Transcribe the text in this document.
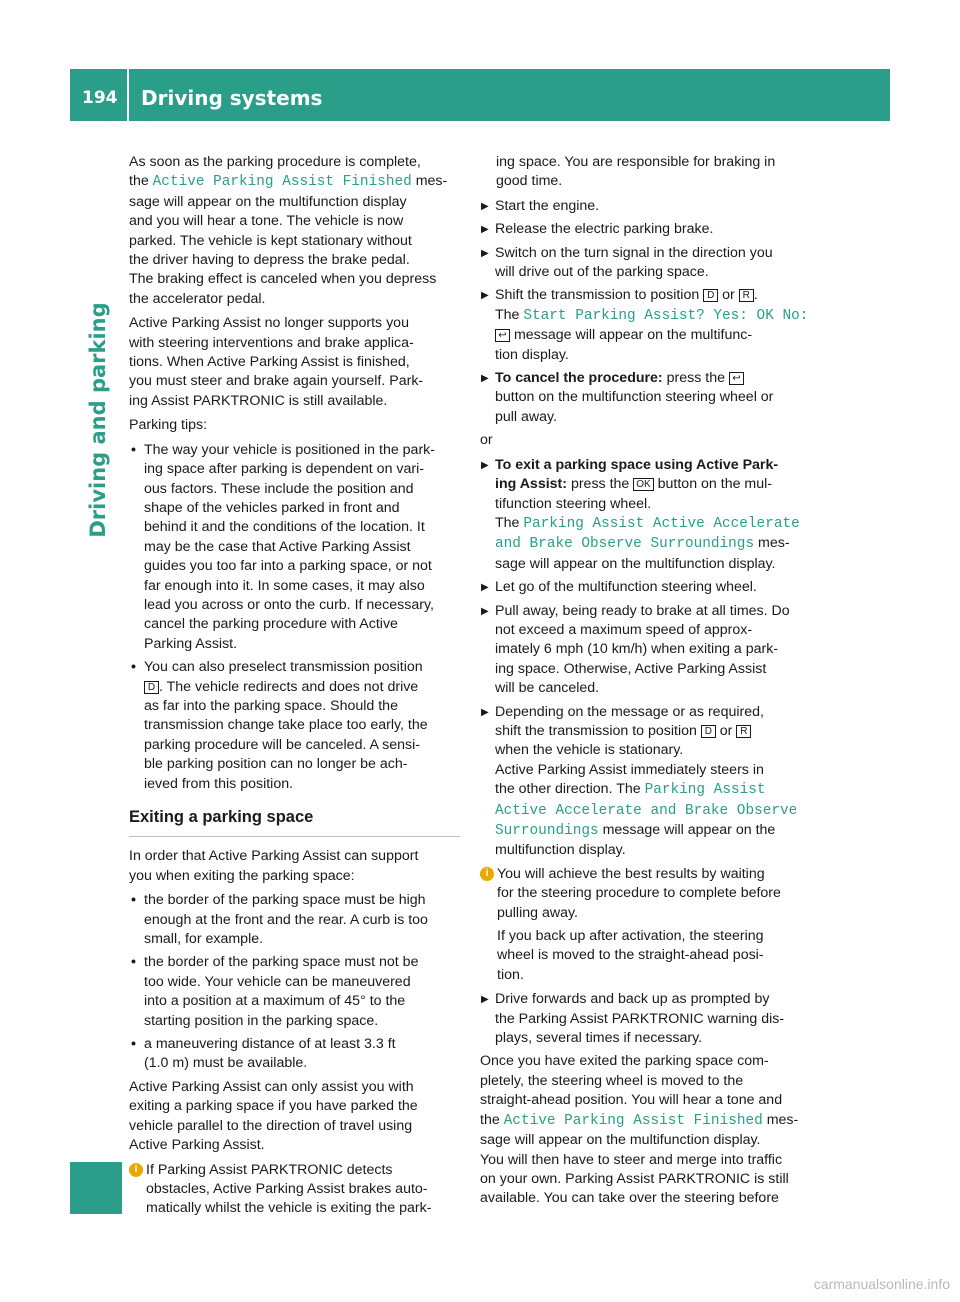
194 Driving systems
Driving and parking

As soon as the parking procedure is complete,
the Active Parking Assist Finished mes-
sage will appear on the multifunction display
and you will hear a tone. The vehicle is now
parked. The vehicle is kept stationary without
the driver having to depress the brake pedal.
The braking effect is canceled when you depress
the accelerator pedal.

Active Parking Assist no longer supports you
with steering interventions and brake applica-
tions. When Active Parking Assist is finished,
you must steer and brake again yourself. Park-
ing Assist PARKTRONIC is still available.

Parking tips:

• The way your vehicle is positioned in the park-
ing space after parking is dependent on vari-
ous factors. These include the position and
shape of the vehicles parked in front and
behind it and the conditions of the location. It
may be the case that Active Parking Assist
guides you too far into a parking space, or not
far enough into it. In some cases, it may also
lead you across or onto the curb. If necessary,
cancel the parking procedure with Active
Parking Assist.
• You can also preselect transmission position
D . The vehicle redirects and does not drive
as far into the parking space. Should the
transmission change take place too early, the
parking procedure will be canceled. A sensi-
ble parking position can no longer be ach-
ieved from this position.
Exiting a parking space

In order that Active Parking Assist can support
you when exiting the parking space:

• the border of the parking space must be high
enough at the front and the rear. A curb is too
small, for example.
• the border of the parking space must not be
too wide. Your vehicle can be maneuvered
into a position at a maximum of 45° to the
starting position in the parking space.
• a maneuvering distance of at least 3.3 ft
(1.0 m) must be available.

Active Parking Assist can only assist you with
exiting a parking space if you have parked the
vehicle parallel to the direction of travel using
Active Parking Assist.

i If Parking Assist PARKTRONIC detects
obstacles, Active Parking Assist brakes auto-
matically whilst the vehicle is exiting the park-

ing space. You are responsible for braking in
good time.

▶ Start the engine.
▶ Release the electric parking brake.
▶ Switch on the turn signal in the direction you
will drive out of the parking space.
▶ Shift the transmission to position D or R .
The Start Parking Assist? Yes: OK No:
↩ message will appear on the multifunc-
tion display.
▶ To cancel the procedure: press the ↩
button on the multifunction steering wheel or
pull away.

or

▶ To exit a parking space using Active Park-
ing Assist: press the OK button on the mul-
tifunction steering wheel.
The Parking Assist Active Accelerate
and Brake Observe Surroundings mes-
sage will appear on the multifunction display.
▶ Let go of the multifunction steering wheel.
▶ Pull away, being ready to brake at all times. Do
not exceed a maximum speed of approx-
imately 6 mph (10 km/h) when exiting a park-
ing space. Otherwise, Active Parking Assist
will be canceled.
▶ Depending on the message or as required,
shift the transmission to position D or R
when the vehicle is stationary.
Active Parking Assist immediately steers in
the other direction. The Parking Assist
Active Accelerate and Brake Observe
Surroundings message will appear on the
multifunction display.
i You will achieve the best results by waiting
for the steering procedure to complete before
pulling away.
If you back up after activation, the steering
wheel is moved to the straight-ahead posi-
tion.
▶ Drive forwards and back up as prompted by
the Parking Assist PARKTRONIC warning dis-
plays, several times if necessary.

Once you have exited the parking space com-
pletely, the steering wheel is moved to the
straight-ahead position. You will hear a tone and
the Active Parking Assist Finished mes-
sage will appear on the multifunction display.
You will then have to steer and merge into traffic
on your own. Parking Assist PARKTRONIC is still
available. You can take over the steering before

carmanualsonline.info
